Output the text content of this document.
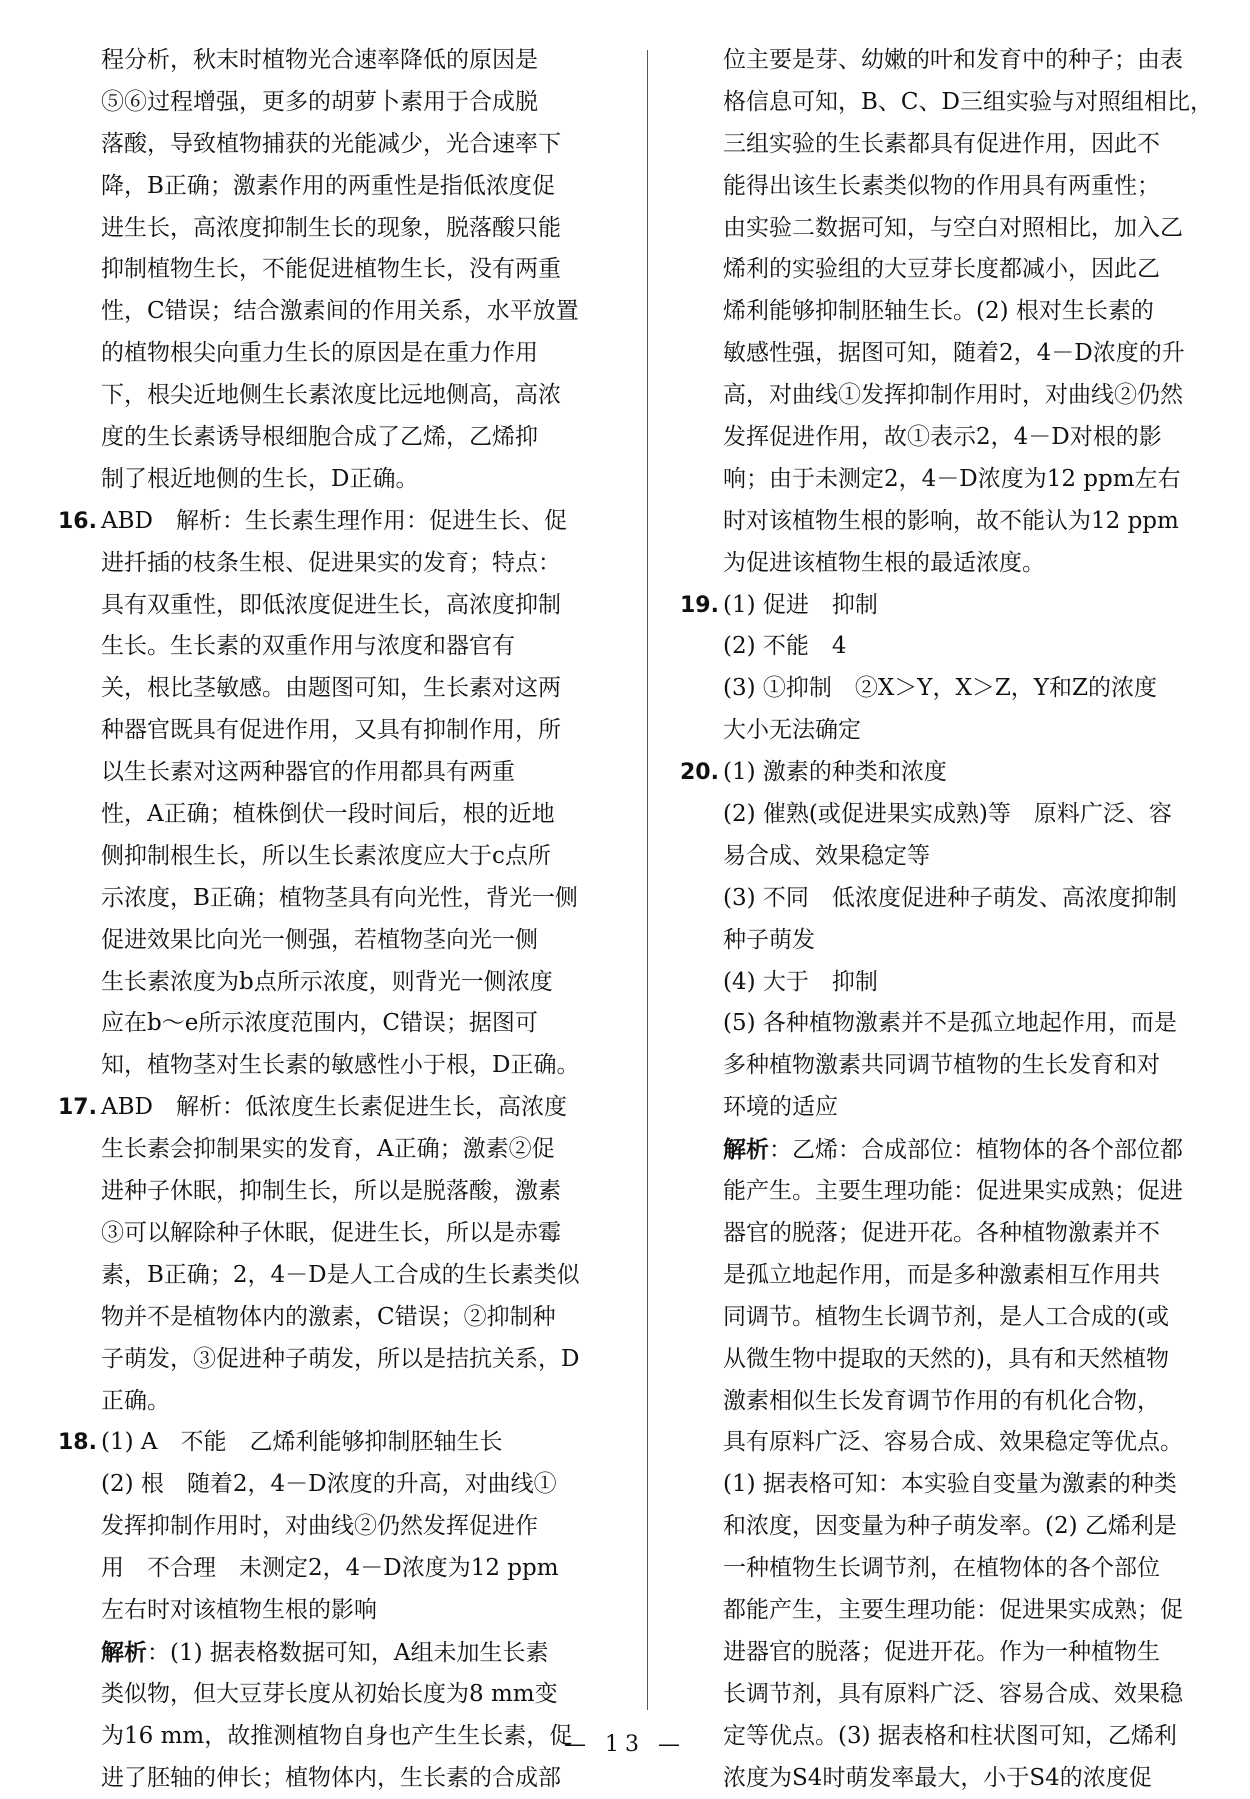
程分析，秋末时植物光合速率降低的原因是
⑤⑥过程增强，更多的胡萝卜素用于合成脱
落酸，导致植物捕获的光能减少，光合速率下
降，B正确；激素作用的两重性是指低浓度促
进生长，高浓度抑制生长的现象，脱落酸只能
抑制植物生长，不能促进植物生长，没有两重
性，C错误；结合激素间的作用关系，水平放置
的植物根尖向重力生长的原因是在重力作用
下，根尖近地侧生长素浓度比远地侧高，高浓
度的生长素诱导根细胞合成了乙烯，乙烯抑
制了根近地侧的生长，D正确。
16. ABD　解析：生长素生理作用：促进生长、促
进扦插的枝条生根、促进果实的发育；特点：
具有双重性，即低浓度促进生长，高浓度抑制
生长。生长素的双重作用与浓度和器官有
关，根比茎敏感。由题图可知，生长素对这两
种器官既具有促进作用，又具有抑制作用，所
以生长素对这两种器官的作用都具有两重
性，A正确；植株倒伏一段时间后，根的近地
侧抑制根生长，所以生长素浓度应大于c点所
示浓度，B正确；植物茎具有向光性，背光一侧
促进效果比向光一侧强，若植物茎向光一侧
生长素浓度为b点所示浓度，则背光一侧浓度
应在b～e所示浓度范围内，C错误；据图可
知，植物茎对生长素的敏感性小于根，D正确。
17. ABD　解析：低浓度生长素促进生长，高浓度
生长素会抑制果实的发育，A正确；激素②促
进种子休眠，抑制生长，所以是脱落酸，激素
③可以解除种子休眠，促进生长，所以是赤霉
素，B正确；2，4－D是人工合成的生长素类似
物并不是植物体内的激素，C错误；②抑制种
子萌发，③促进种子萌发，所以是拮抗关系，D
正确。
18. (1) A　不能　乙烯利能够抑制胚轴生长
(2) 根　随着2，4－D浓度的升高，对曲线①
发挥抑制作用时，对曲线②仍然发挥促进作
用　不合理　未测定2，4－D浓度为12 ppm
左右时对该植物生根的影响
解析：(1) 据表格数据可知，A组未加生长素
类似物，但大豆芽长度从初始长度为8 mm变
为16 mm，故推测植物自身也产生生长素，促
进了胚轴的伸长；植物体内，生长素的合成部
位主要是芽、幼嫩的叶和发育中的种子；由表
格信息可知，B、C、D三组实验与对照组相比，
三组实验的生长素都具有促进作用，因此不
能得出该生长素类似物的作用具有两重性；
由实验二数据可知，与空白对照相比，加入乙
烯利的实验组的大豆芽长度都减小，因此乙
烯利能够抑制胚轴生长。(2) 根对生长素的
敏感性强，据图可知，随着2，4－D浓度的升
高，对曲线①发挥抑制作用时，对曲线②仍然
发挥促进作用，故①表示2，4－D对根的影
响；由于未测定2，4－D浓度为12 ppm左右
时对该植物生根的影响，故不能认为12 ppm
为促进该植物生根的最适浓度。
19. (1) 促进　抑制
(2) 不能　4
(3) ①抑制　②X＞Y，X＞Z，Y和Z的浓度
大小无法确定
20. (1) 激素的种类和浓度
(2) 催熟(或促进果实成熟)等　原料广泛、容
易合成、效果稳定等
(3) 不同　低浓度促进种子萌发、高浓度抑制
种子萌发
(4) 大于　抑制
(5) 各种植物激素并不是孤立地起作用，而是
多种植物激素共同调节植物的生长发育和对
环境的适应
解析：乙烯：合成部位：植物体的各个部位都
能产生。主要生理功能：促进果实成熟；促进
器官的脱落；促进开花。各种植物激素并不
是孤立地起作用，而是多种激素相互作用共
同调节。植物生长调节剂，是人工合成的(或
从微生物中提取的天然的)，具有和天然植物
激素相似生长发育调节作用的有机化合物，
具有原料广泛、容易合成、效果稳定等优点。
(1) 据表格可知：本实验自变量为激素的种类
和浓度，因变量为种子萌发率。(2) 乙烯利是
一种植物生长调节剂，在植物体的各个部位
都能产生，主要生理功能：促进果实成熟；促
进器官的脱落；促进开花。作为一种植物生
长调节剂，具有原料广泛、容易合成、效果稳
定等优点。(3) 据表格和柱状图可知，乙烯利
浓度为S4时萌发率最大，小于S4的浓度促
— 13 —
